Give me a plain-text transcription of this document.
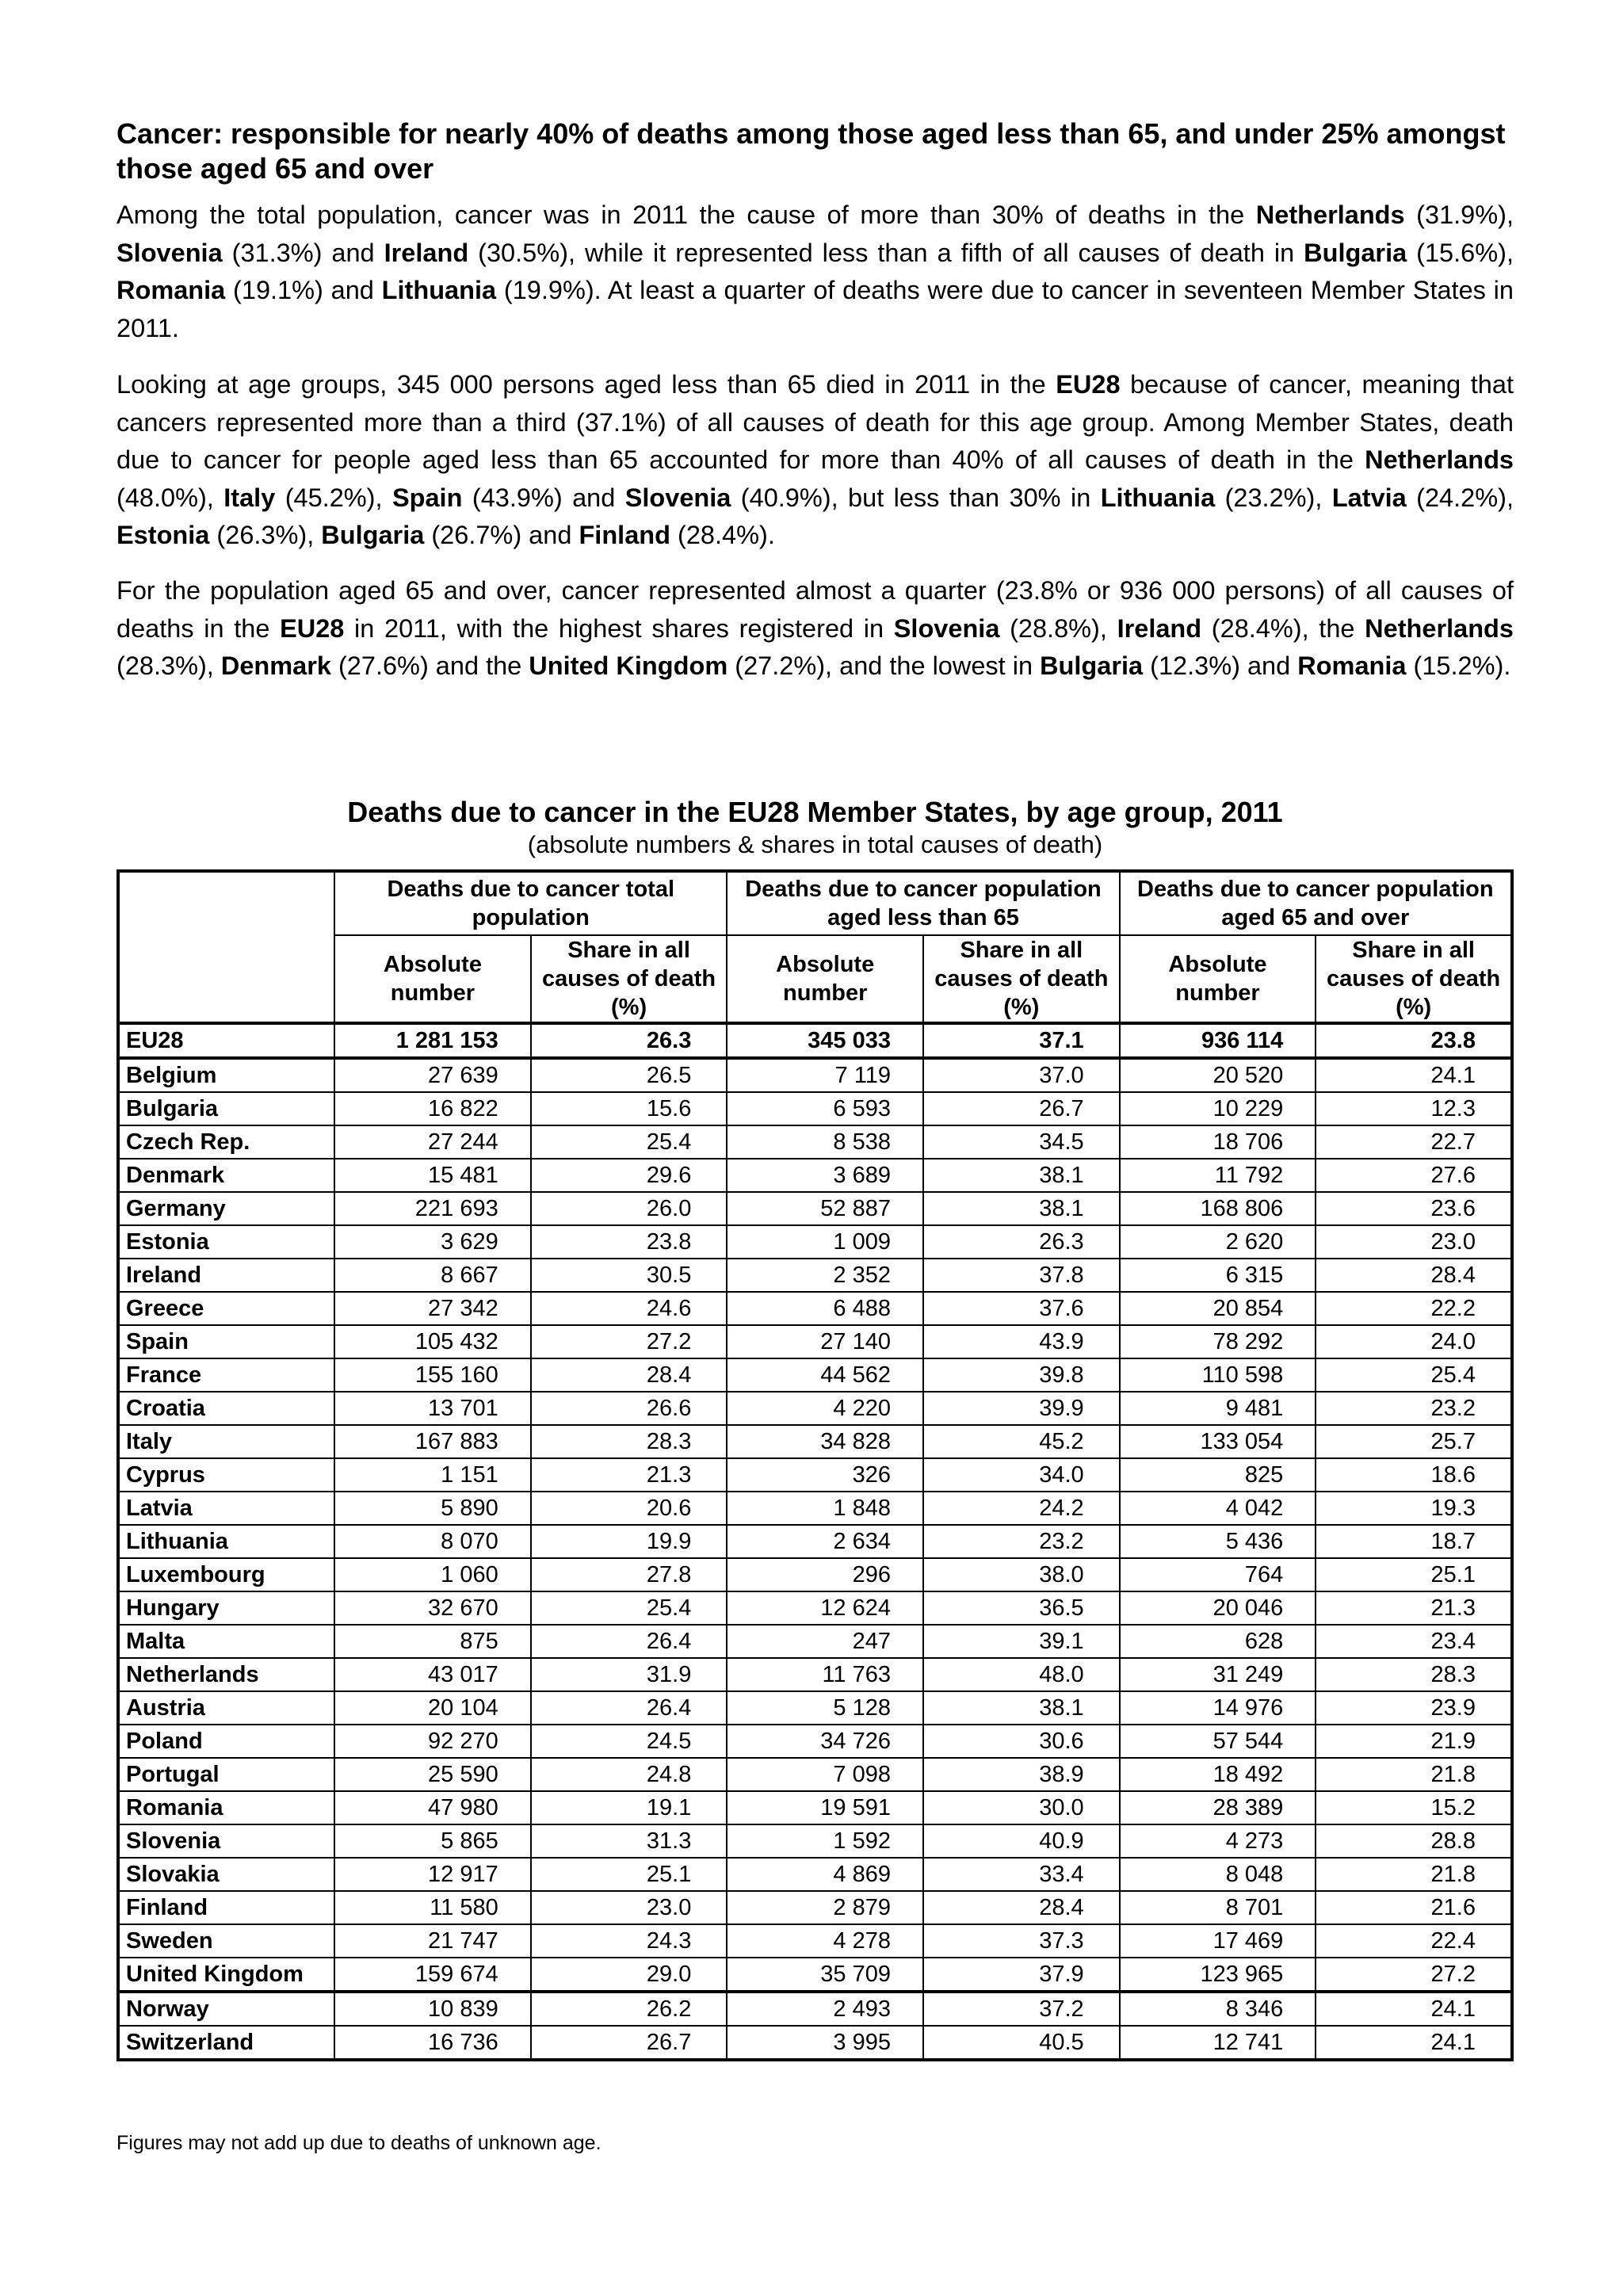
Cancer: responsible for nearly 40% of deaths among those aged less than 65, and under 25% amongst those aged 65 and over

Among the total population, cancer was in 2011 the cause of more than 30% of deaths in the Netherlands (31.9%), Slovenia (31.3%) and Ireland (30.5%), while it represented less than a fifth of all causes of death in Bulgaria (15.6%), Romania (19.1%) and Lithuania (19.9%). At least a quarter of deaths were due to cancer in seventeen Member States in 2011.

Looking at age groups, 345 000 persons aged less than 65 died in 2011 in the EU28 because of cancer, meaning that cancers represented more than a third (37.1%) of all causes of death for this age group. Among Member States, death due to cancer for people aged less than 65 accounted for more than 40% of all causes of death in the Netherlands (48.0%), Italy (45.2%), Spain (43.9%) and Slovenia (40.9%), but less than 30% in Lithuania (23.2%), Latvia (24.2%), Estonia (26.3%), Bulgaria (26.7%) and Finland (28.4%).

For the population aged 65 and over, cancer represented almost a quarter (23.8% or 936 000 persons) of all causes of deaths in the EU28 in 2011, with the highest shares registered in Slovenia (28.8%), Ireland (28.4%), the Netherlands (28.3%), Denmark (27.6%) and the United Kingdom (27.2%), and the lowest in Bulgaria (12.3%) and Romania (15.2%).

Deaths due to cancer in the EU28 Member States, by age group, 2011
(absolute numbers & shares in total causes of death)
	Deaths due to cancer total population		Deaths due to cancer population aged less than 65		Deaths due to cancer population aged 65 and over	
	Absolute number	Share in all causes of death (%)	Absolute number	Share in all causes of death (%)	Absolute number	Share in all causes of death (%)
EU28	1 281 153	26.3	345 033	37.1	936 114	23.8
Belgium	27 639	26.5	7 119	37.0	20 520	24.1
Bulgaria	16 822	15.6	6 593	26.7	10 229	12.3
Czech Rep.	27 244	25.4	8 538	34.5	18 706	22.7
Denmark	15 481	29.6	3 689	38.1	11 792	27.6
Germany	221 693	26.0	52 887	38.1	168 806	23.6
Estonia	3 629	23.8	1 009	26.3	2 620	23.0
Ireland	8 667	30.5	2 352	37.8	6 315	28.4
Greece	27 342	24.6	6 488	37.6	20 854	22.2
Spain	105 432	27.2	27 140	43.9	78 292	24.0
France	155 160	28.4	44 562	39.8	110 598	25.4
Croatia	13 701	26.6	4 220	39.9	9 481	23.2
Italy	167 883	28.3	34 828	45.2	133 054	25.7
Cyprus	1 151	21.3	326	34.0	825	18.6
Latvia	5 890	20.6	1 848	24.2	4 042	19.3
Lithuania	8 070	19.9	2 634	23.2	5 436	18.7
Luxembourg	1 060	27.8	296	38.0	764	25.1
Hungary	32 670	25.4	12 624	36.5	20 046	21.3
Malta	875	26.4	247	39.1	628	23.4
Netherlands	43 017	31.9	11 763	48.0	31 249	28.3
Austria	20 104	26.4	5 128	38.1	14 976	23.9
Poland	92 270	24.5	34 726	30.6	57 544	21.9
Portugal	25 590	24.8	7 098	38.9	18 492	21.8
Romania	47 980	19.1	19 591	30.0	28 389	15.2
Slovenia	5 865	31.3	1 592	40.9	4 273	28.8
Slovakia	12 917	25.1	4 869	33.4	8 048	21.8
Finland	11 580	23.0	2 879	28.4	8 701	21.6
Sweden	21 747	24.3	4 278	37.3	17 469	22.4
United Kingdom	159 674	29.0	35 709	37.9	123 965	27.2
Norway	10 839	26.2	2 493	37.2	8 346	24.1
Switzerland	16 736	26.7	3 995	40.5	12 741	24.1
Figures may not add up due to deaths of unknown age.
